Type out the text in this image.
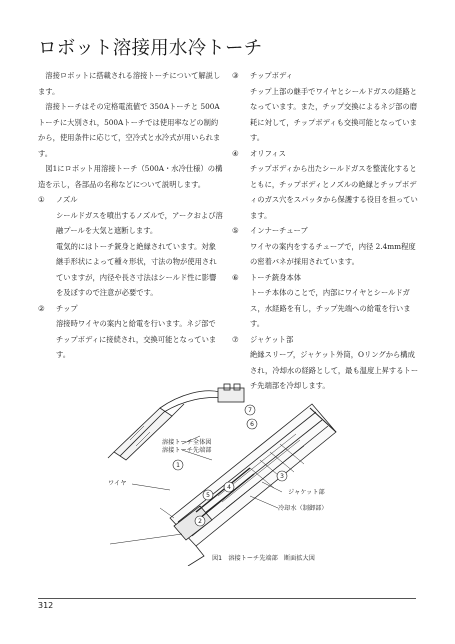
ロボット溶接用水冷トーチ

溶接ロボットに搭載される溶接トーチについて解説します。

溶接トーチはその定格電流値で 350Aトーチと 500Aトーチに大別され，500Aトーチでは使用率などの制約から，使用条件に応じて，空冷式と水冷式が用いられます。

図1にロボット用溶接トーチ（500A・水冷仕様）の構造を示し，各部品の名称などについて説明します。

① ノズル
シールドガスを噴出するノズルで，アークおよび溶融プールを大気と遮断します。
電気的にはトーチ銃身と絶縁されています。対象継手形状によって種々形状，寸法の物が使用されていますが，内径や長さ寸法はシールド性に影響を及ぼすので注意が必要です。
② チップ
溶接時ワイヤの案内と給電を行います。ネジ部でチップボディに接続され，交換可能となっています。
③ チップボディ
チップ上部の継手でワイヤとシールドガスの経路となっています。また，チップ交換によるネジ部の磨耗に対して，チップボディも交換可能となっています。
④ オリフィス
チップボディから出たシールドガスを整流化するとともに，チップボディとノズルの絶縁とチップボディのガス穴をスパッタから保護する役目を担っています。
⑤ インナーチューブ
ワイヤの案内をするチューブで，内径 2.4mm程度の密着バネが採用されています。
⑥ トーチ銃身本体
トーチ本体のことで，内部にワイヤとシールドガス，水経路を有し，チップ先端への給電を行います。
⑦ ジャケット部
絶縁スリーブ，ジャケット外筒，Oリングから構成され，冷却水の経路として，最も温度上昇するトーチ先端部を冷却します。
1
2
3
4
5
6
7
溶接トーチ全体図
溶接トーチ先端部
ワイヤ
ジャケット部
冷却水（制御部）
図1　溶接トーチ先端部　断面拡大図
312
